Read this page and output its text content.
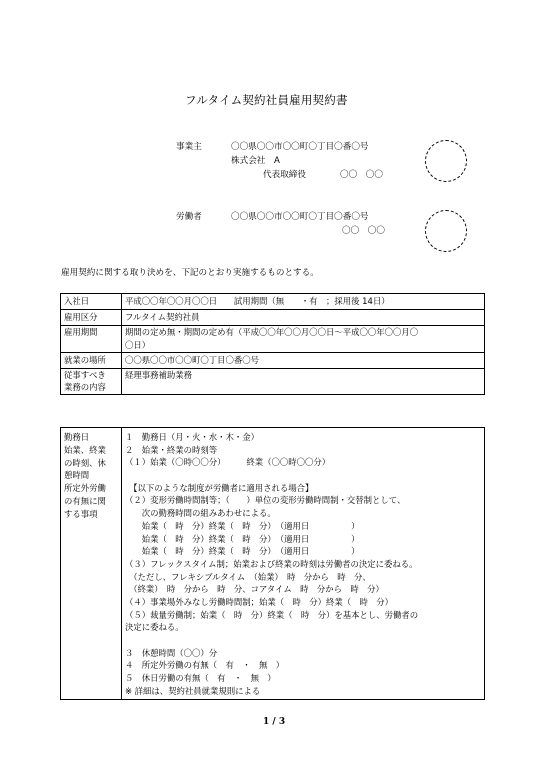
フルタイム契約社員雇用契約書
事業主	〇〇県〇〇市〇〇町〇丁目〇番〇号
株式会社　A
代表取締役	〇〇　〇〇
労働者	〇〇県〇〇市〇〇町〇丁目〇番〇号
〇〇　〇〇
雇用契約に関する取り決めを、下記のとおり実施するものとする。
入社日	平成〇〇年〇〇月〇〇日　　試用期間（無　　・有　；採用後 14日）

雇用区分	フルタイム契約社員

雇用期間	期間の定め無・期間の定め有（平成〇〇年〇〇月〇〇日～平成〇〇年〇〇月〇
〇日）

就業の場所	〇〇県〇〇市〇〇町〇丁目〇番〇号

従事すべき
業務の内容	経理事務補助業務
勤務日
始業、終業
の時刻、休
憩時間
所定外労働
の有無に関
する事項

１　勤務日（月・火・水・木・金）
２　始業・終業の時刻等
（１）始業（〇時〇〇分）　　　終業（〇〇時〇〇分）
　【以下のような制度が労働者に適用される場合】
（２）変形労働時間制等；（　　）単位の変形労働時間制・交替制として、
　　次の勤務時間の組みあわせによる。
　　始業（　時　分）終業（　時　分）　（適用日　　　　　）
　　始業（　時　分）終業（　時　分）　（適用日　　　　　）
　　始業（　時　分）終業（　時　分）　（適用日　　　　　）
（３）フレックスタイム制；始業および終業の時刻は労働者の決定に委ねる。
　（ただし、フレキシブルタイム　（始業）　時　分から　時　分、
　（終業）　時　分から　時　分、コアタイム　時　分から　時　分）
（４）事業場外みなし労働時間制；始業（　時　分）終業（　時　分）
（５）裁量労働制；始業（　時　分）終業（　時　分）を基本とし、労働者の
決定に委ねる。
３　休憩時間（〇〇）分
４　所定外労働の有無（　有　・　無　）
５　休日労働の有無（　有　・　無　）
※ 詳細は、契約社員就業規則による
1 / 3
